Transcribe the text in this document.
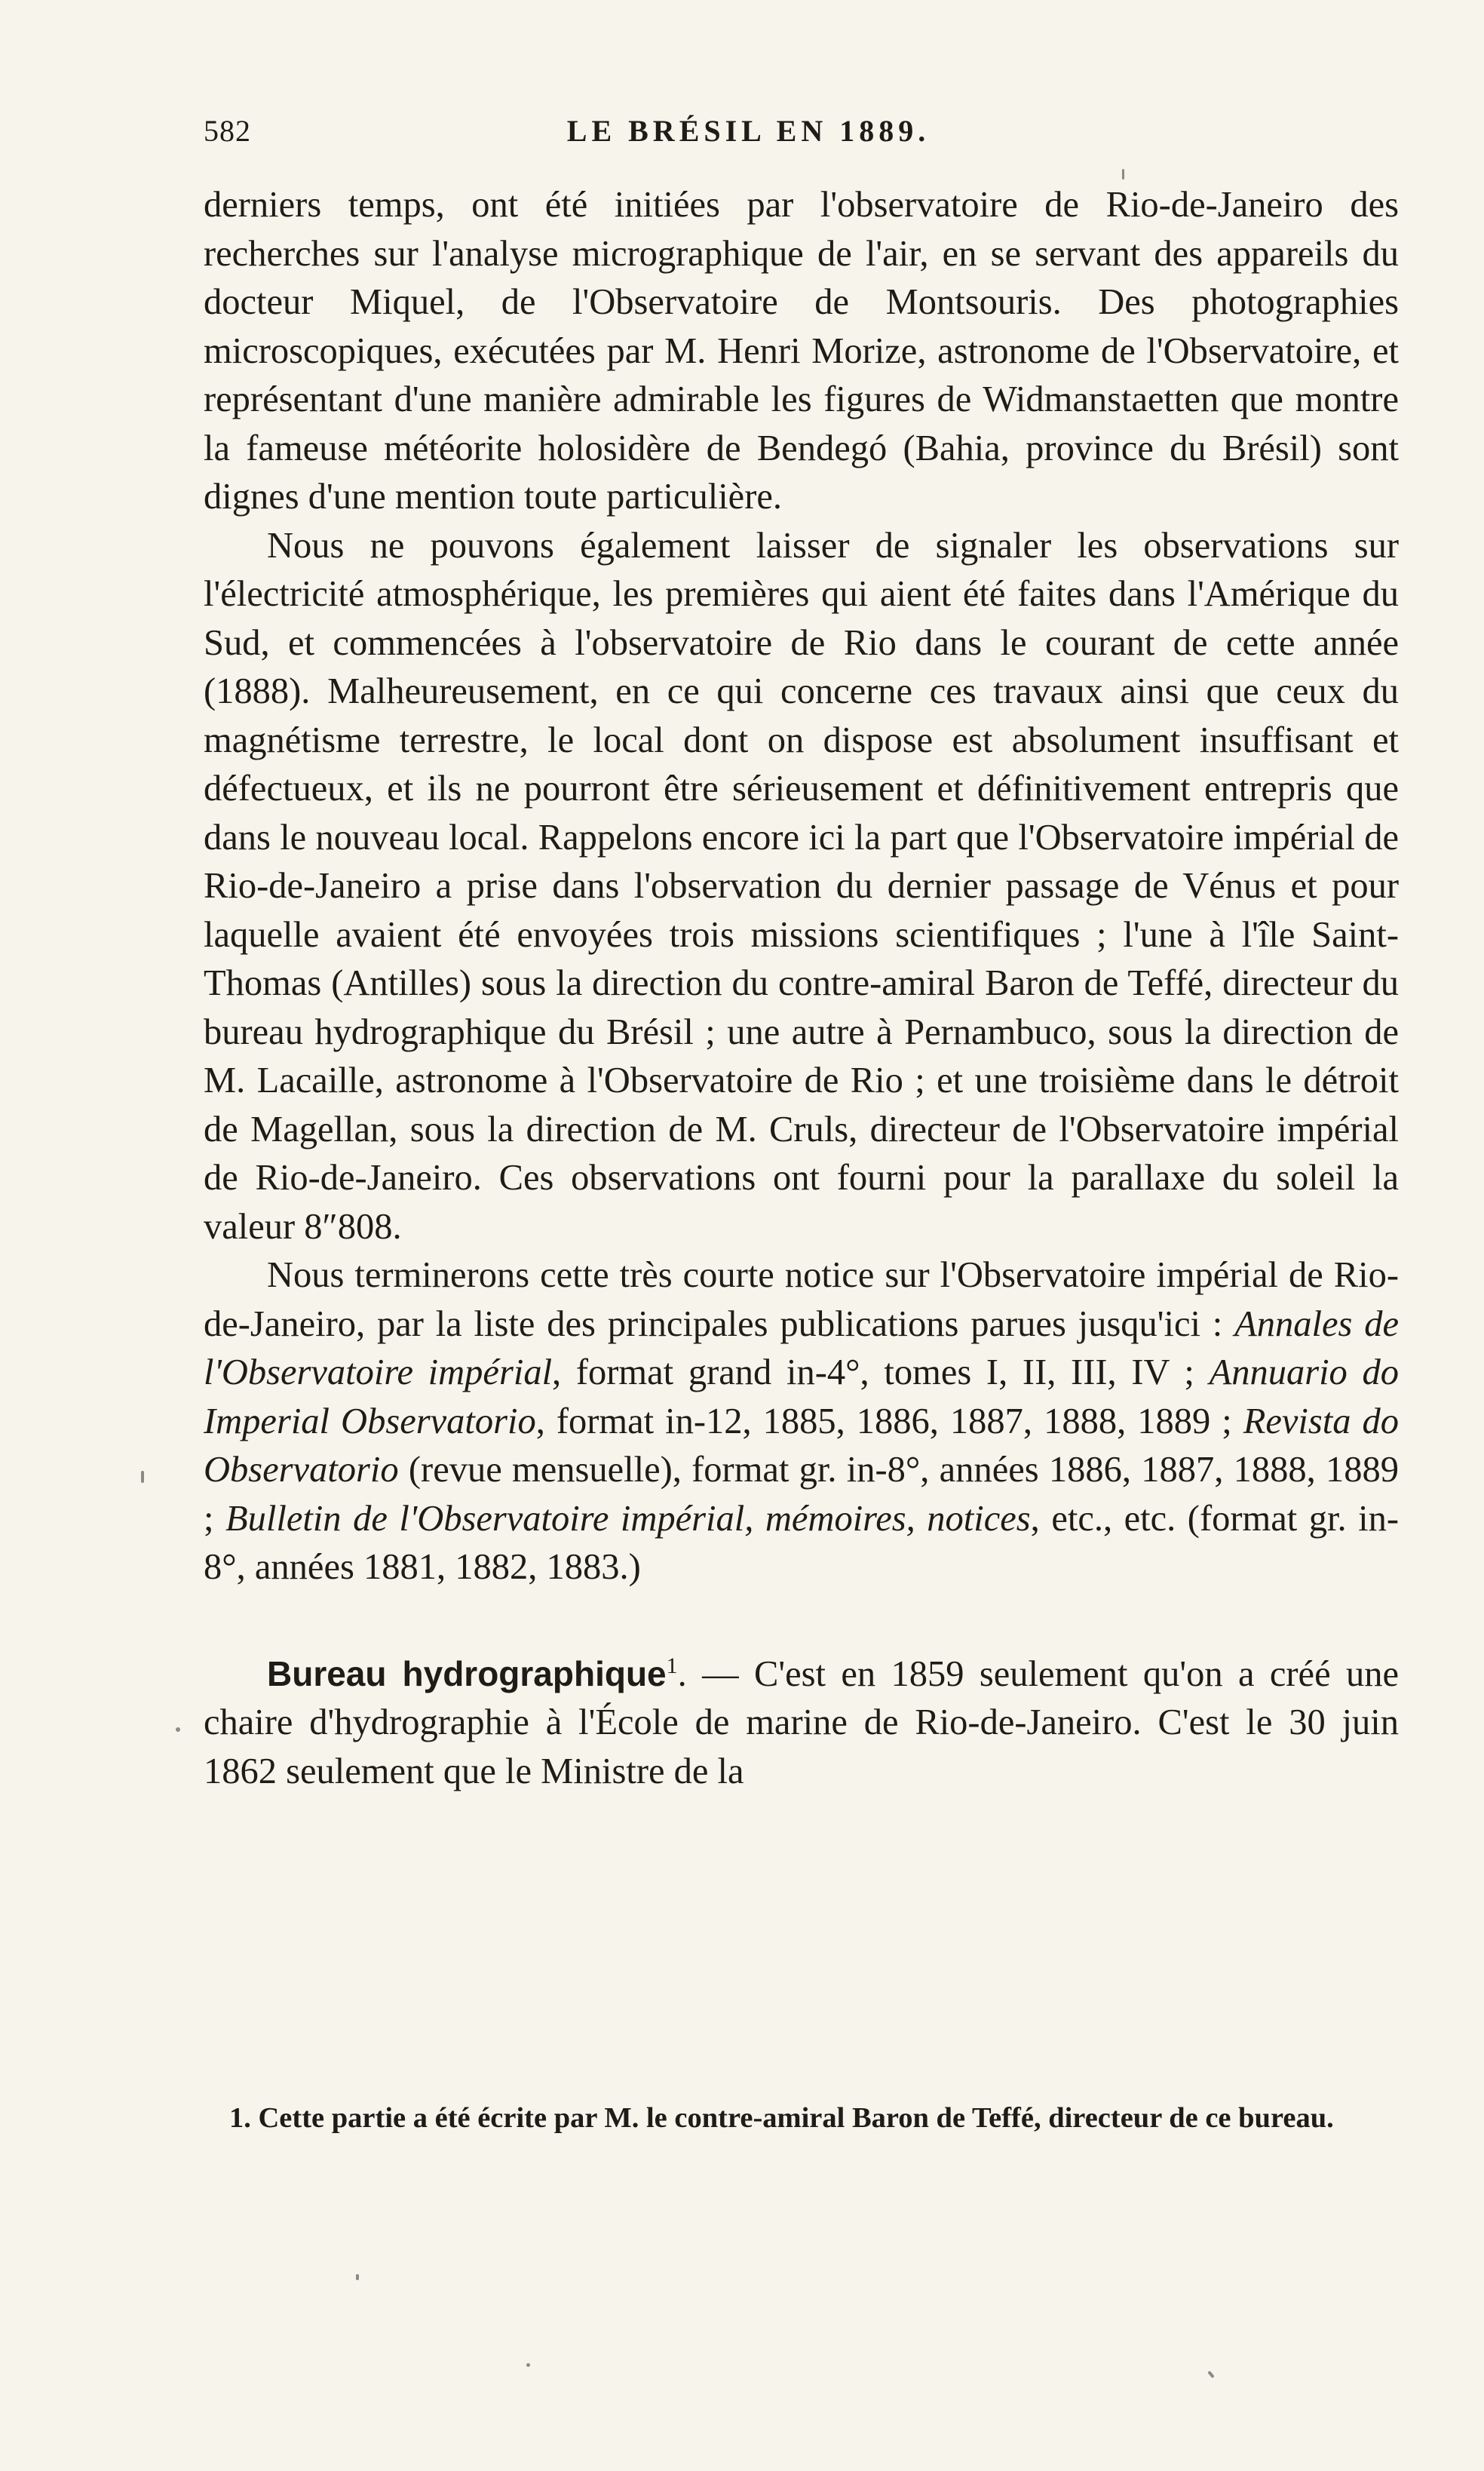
582	LE BRÉSIL EN 1889.

derniers temps, ont été initiées par l'observatoire de Rio-de-Janeiro des recherches sur l'analyse micrographique de l'air, en se servant des appareils du docteur Miquel, de l'Observatoire de Montsouris. Des photographies microscopiques, exécutées par M. Henri Morize, astronome de l'Observatoire, et représentant d'une manière admirable les figures de Widmanstaetten que montre la fameuse météorite holosidère de Bendegó (Bahia, province du Brésil) sont dignes d'une mention toute particulière.

Nous ne pouvons également laisser de signaler les observations sur l'électricité atmosphérique, les premières qui aient été faites dans l'Amérique du Sud, et commencées à l'observatoire de Rio dans le courant de cette année (1888). Malheureusement, en ce qui concerne ces travaux ainsi que ceux du magnétisme terrestre, le local dont on dispose est absolument insuffisant et défectueux, et ils ne pourront être sérieusement et définitivement entrepris que dans le nouveau local. Rappelons encore ici la part que l'Observatoire impérial de Rio-de-Janeiro a prise dans l'observation du dernier passage de Vénus et pour laquelle avaient été envoyées trois missions scientifiques ; l'une à l'île Saint-Thomas (Antilles) sous la direction du contre-amiral Baron de Teffé, directeur du bureau hydrographique du Brésil ; une autre à Pernambuco, sous la direction de M. Lacaille, astronome à l'Observatoire de Rio ; et une troisième dans le détroit de Magellan, sous la direction de M. Cruls, directeur de l'Observatoire impérial de Rio-de-Janeiro. Ces observations ont fourni pour la parallaxe du soleil la valeur 8″808.

Nous terminerons cette très courte notice sur l'Observatoire impérial de Rio-de-Janeiro, par la liste des principales publications parues jusqu'ici : Annales de l'Observatoire impérial, format grand in-4°, tomes I, II, III, IV ; Annuario do Imperial Observatorio, format in-12, 1885, 1886, 1887, 1888, 1889 ; Revista do Observatorio (revue mensuelle), format gr. in-8°, années 1886, 1887, 1888, 1889 ; Bulletin de l'Observatoire impérial, mémoires, notices, etc., etc. (format gr. in-8°, années 1881, 1882, 1883.)

Bureau hydrographique$^1$. — C'est en 1859 seulement qu'on a créé une chaire d'hydrographie à l'École de marine de Rio-de-Janeiro. C'est le 30 juin 1862 seulement que le Ministre de la

1. Cette partie a été écrite par M. le contre-amiral Baron de Teffé, directeur de ce bureau.
